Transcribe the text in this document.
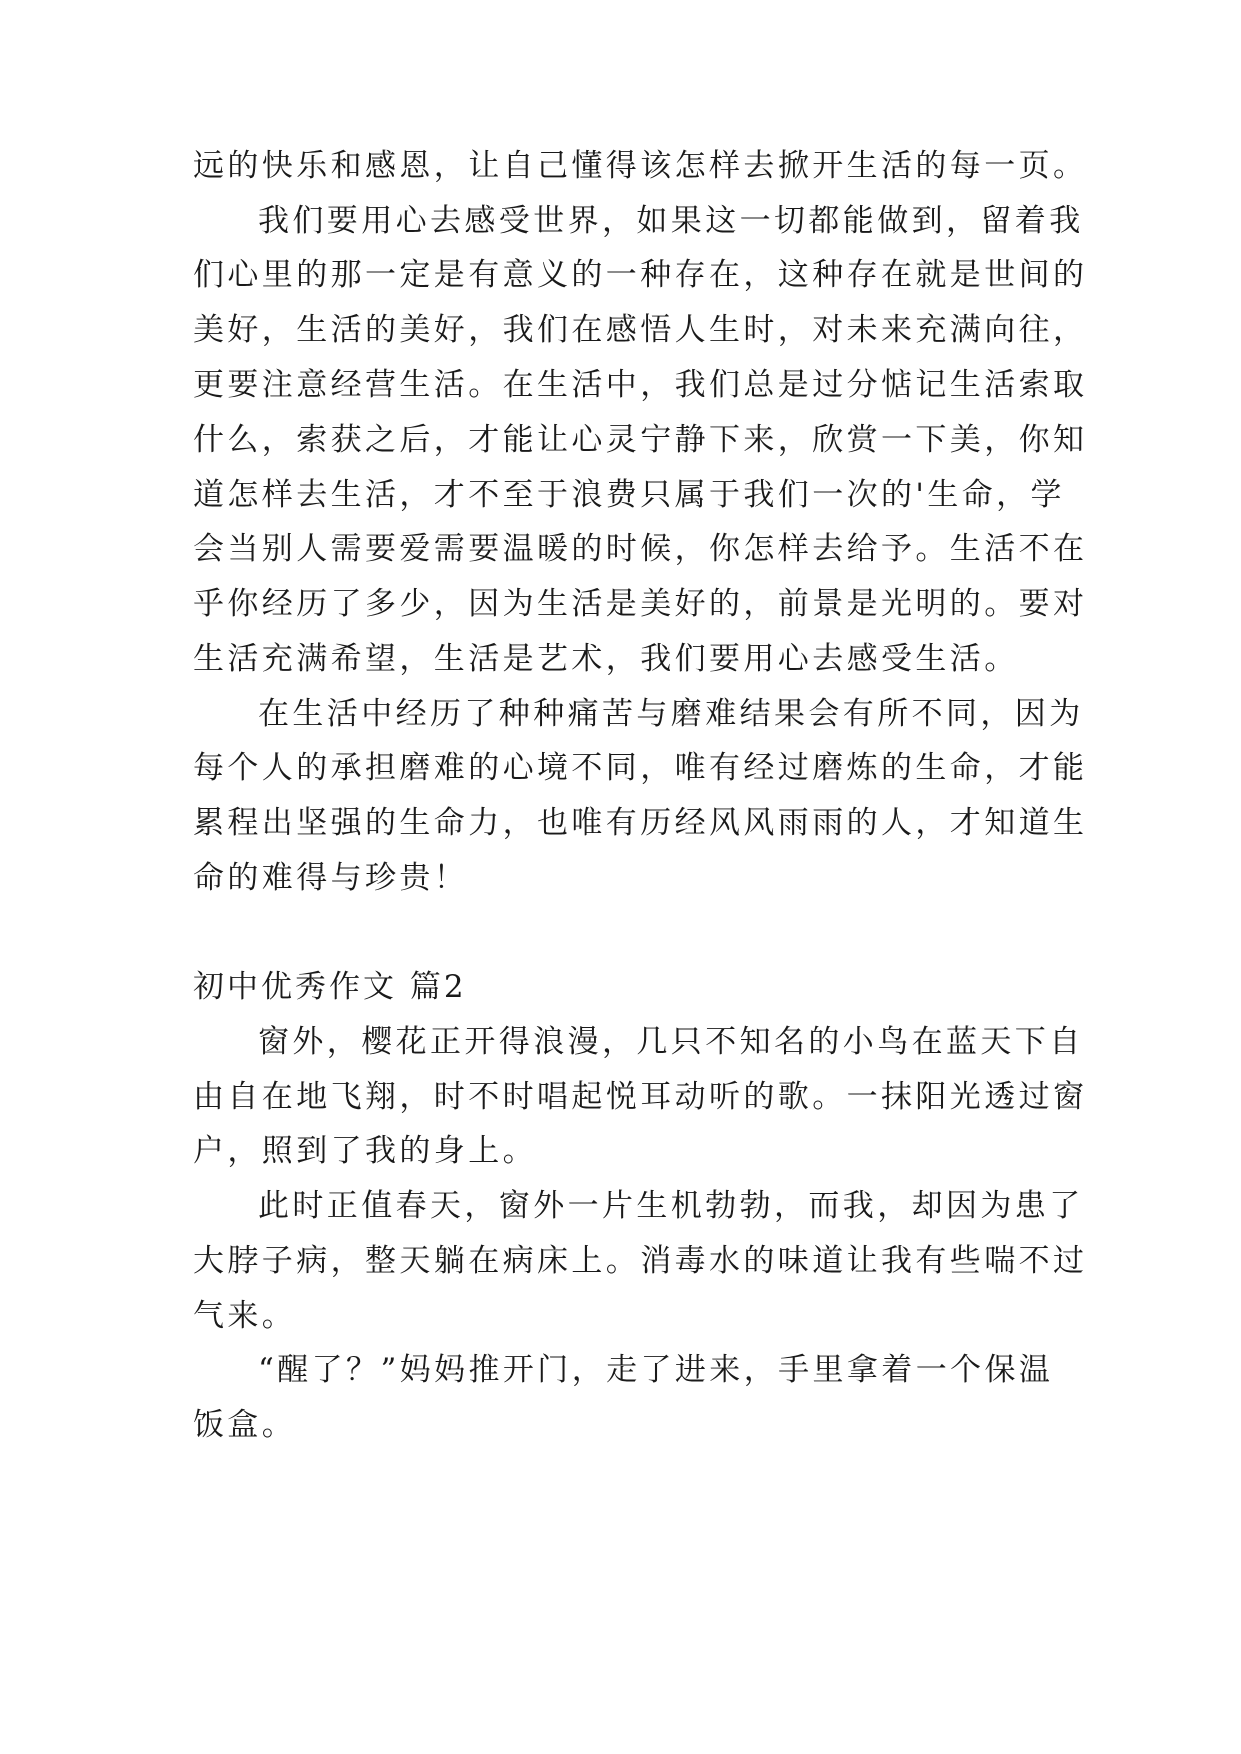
远的快乐和感恩，让自己懂得该怎样去掀开生活的每一页。
我们要用心去感受世界，如果这一切都能做到，留着我
们心里的那一定是有意义的一种存在，这种存在就是世间的
美好，生活的美好，我们在感悟人生时，对未来充满向往，
更要注意经营生活。在生活中，我们总是过分惦记生活索取
什么，索获之后，才能让心灵宁静下来，欣赏一下美，你知
道怎样去生活，才不至于浪费只属于我们一次的'生命，学
会当别人需要爱需要温暖的时候，你怎样去给予。生活不在
乎你经历了多少，因为生活是美好的，前景是光明的。要对
生活充满希望，生活是艺术，我们要用心去感受生活。
在生活中经历了种种痛苦与磨难结果会有所不同，因为
每个人的承担磨难的心境不同，唯有经过磨炼的生命，才能
累程出坚强的生命力，也唯有历经风风雨雨的人，才知道生
命的难得与珍贵！
初中优秀作文 篇2
窗外，樱花正开得浪漫，几只不知名的小鸟在蓝天下自
由自在地飞翔，时不时唱起悦耳动听的歌。一抹阳光透过窗
户，照到了我的身上。
此时正值春天，窗外一片生机勃勃，而我，却因为患了
大脖子病，整天躺在病床上。消毒水的味道让我有些喘不过
气来。
“醒了？”妈妈推开门，走了进来，手里拿着一个保温
饭盒。
